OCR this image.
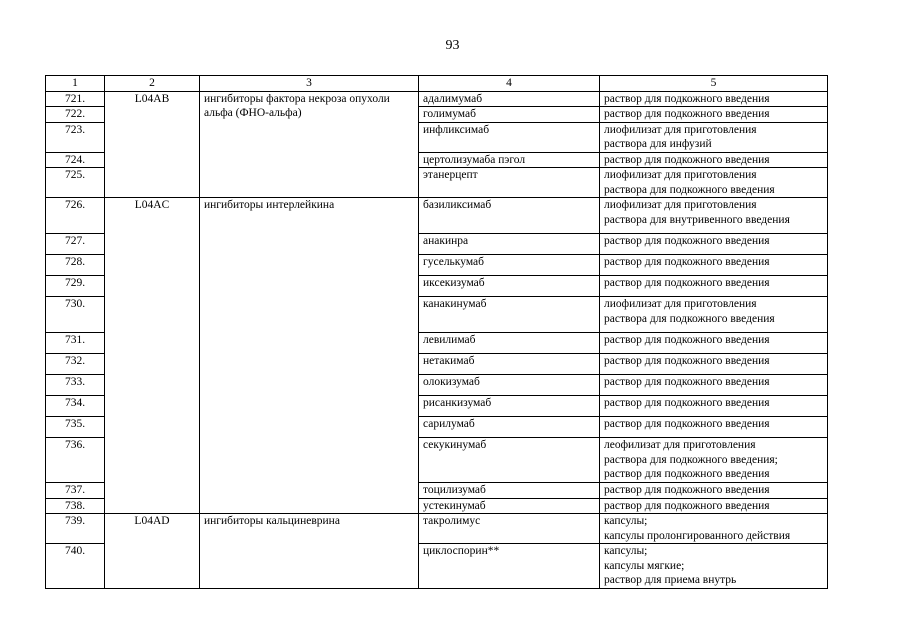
93
1	2	3	4	5
721.	L04AB	ингибиторы фактора некроза опухоли альфа (ФНО-альфа)	адалимумаб	раствор для подкожного введения
722.			голимумаб	раствор для подкожного введения
723.			инфликсимаб	лиофилизат для приготовления
раствора для инфузий
724.			цертолизумаба пэгол	раствор для подкожного введения
725.			этанерцепт	лиофилизат для приготовления
раствора для подкожного введения
726.	L04AC	ингибиторы интерлейкина	базиликсимаб	лиофилизат для приготовления
раствора для внутривенного введения
727.			анакинра	раствор для подкожного введения
728.			гуселькумаб	раствор для подкожного введения
729.			иксекизумаб	раствор для подкожного введения
730.			канакинумаб	лиофилизат для приготовления
раствора для подкожного введения
731.			левилимаб	раствор для подкожного введения
732.			нетакимаб	раствор для подкожного введения
733.			олокизумаб	раствор для подкожного введения
734.			рисанкизумаб	раствор для подкожного введения
735.			сарилумаб	раствор для подкожного введения
736.			секукинумаб	леофилизат для приготовления
раствора для подкожного введения;
раствор для подкожного введения
737.			тоцилизумаб	раствор для подкожного введения
738.			устекинумаб	раствор для подкожного введения
739.	L04AD	ингибиторы кальциневрина	такролимус	капсулы;
капсулы пролонгированного действия
740.			циклоспорин**	капсулы;
капсулы мягкие;
раствор для приема внутрь
